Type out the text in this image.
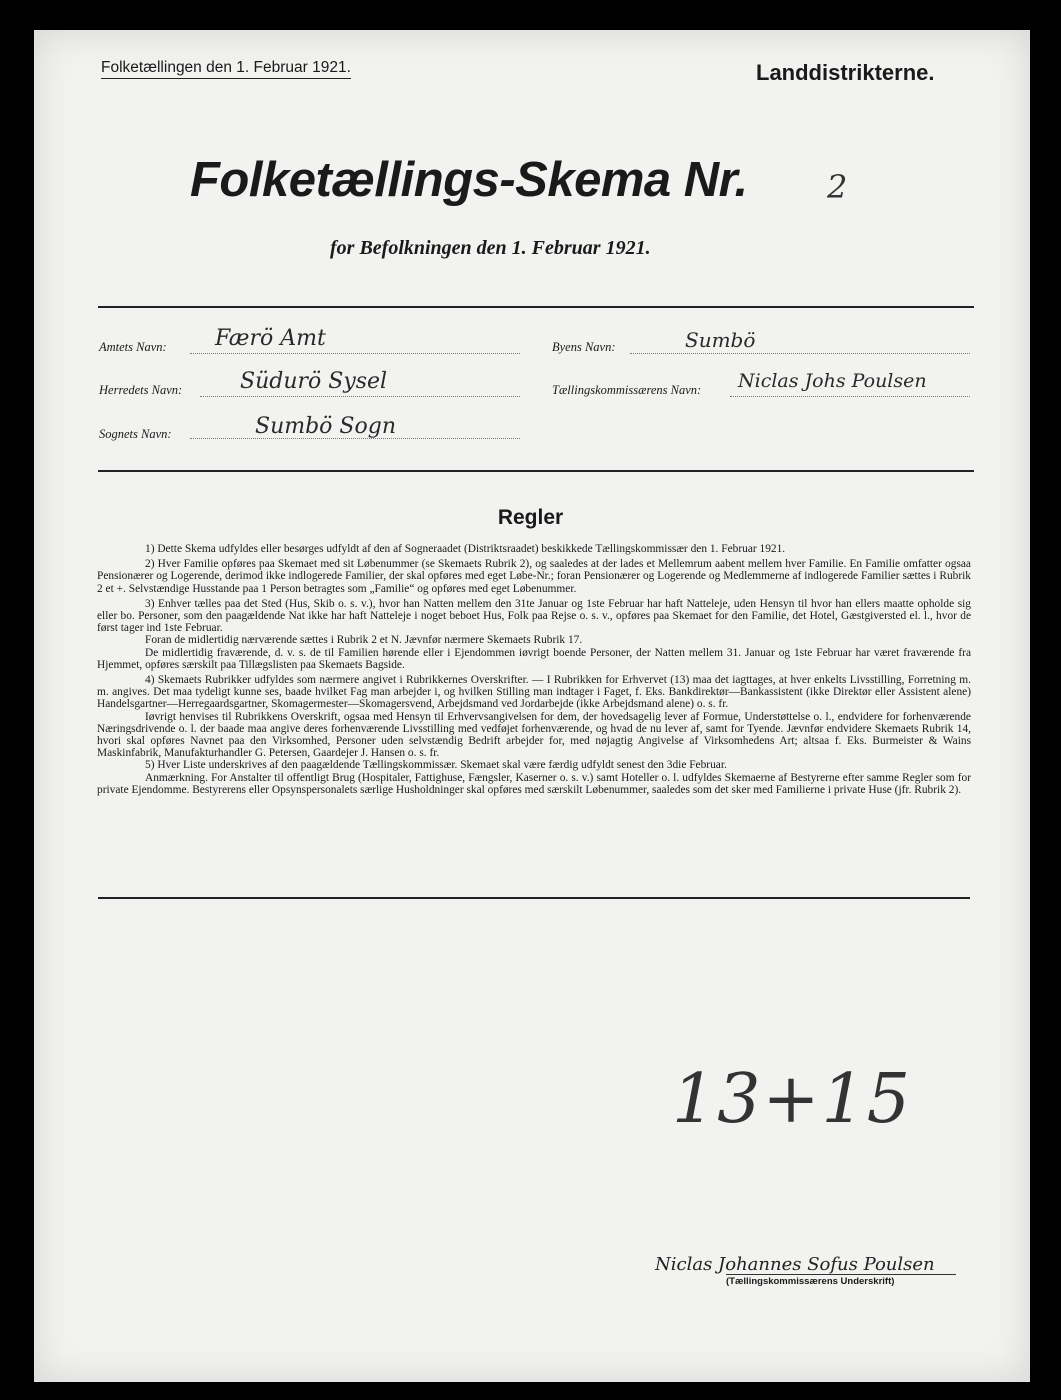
Folketællingen den 1. Februar 1921.	Landdistrikterne.
Folketællings-Skema Nr. 2
for Befolkningen den 1. Februar 1921.
Amtets Navn: Færö Amt
Herredets Navn:	Südurö Sysel
Sognets Navn:	Sumbö Sogn
Byens Navn:	Sumbö
Tællingskommissærens Navn: Niclas Johs Poulsen
Regler

1) Dette Skema udfyldes eller besørges udfyldt af den af Sogneraadet (Distriktsraadet) beskikkede Tællingskommissær den 1. Februar 1921.

2) Hver Familie opføres paa Skemaet med sit Løbenummer (se Skemaets Rubrik 2), og saaledes at der lades et Mellemrum aabent mellem hver Familie. En Familie omfatter ogsaa Pensionærer og Logerende, derimod ikke indlogerede Familier, der skal opføres med eget Løbe-Nr.; foran Pensionærer og Logerende og Medlemmerne af indlogerede Familier sættes i Rubrik 2 et +. Selvstændige Husstande paa 1 Person betragtes som „Familie“ og opføres med eget Løbenummer.

3) Enhver tælles paa det Sted (Hus, Skib o. s. v.), hvor han Natten mellem den 31te Januar og 1ste Februar har haft Natteleje, uden Hensyn til hvor han ellers maatte opholde sig eller bo. Personer, som den paagældende Nat ikke har haft Natteleje i noget beboet Hus, Folk paa Rejse o. s. v., opføres paa Skemaet for den Familie, det Hotel, Gæstgiversted el. l., hvor de først tager ind 1ste Februar.

Foran de midlertidig nærværende sættes i Rubrik 2 et N. Jævnfør nærmere Skemaets Rubrik 17.

De midlertidig fraværende, d. v. s. de til Familien hørende eller i Ejendommen iøvrigt boende Personer, der Natten mellem 31. Januar og 1ste Februar har været fraværende fra Hjemmet, opføres særskilt paa Tillægslisten paa Skemaets Bagside.

4) Skemaets Rubrikker udfyldes som nærmere angivet i Rubrikkernes Overskrifter. — I Rubrikken for Erhvervet (13) maa det iagttages, at hver enkelts Livsstilling, Forretning m. m. angives. Det maa tydeligt kunne ses, baade hvilket Fag man arbejder i, og hvilken Stilling man indtager i Faget, f. Eks. Bankdirektør—Bankassistent (ikke Direktør eller Assistent alene) Handelsgartner—Herregaardsgartner, Skomagermester—Skomagersvend, Arbejdsmand ved Jordarbejde (ikke Arbejdsmand alene) o. s. fr.

Iøvrigt henvises til Rubrikkens Overskrift, ogsaa med Hensyn til Erhvervsangivelsen for dem, der hovedsagelig lever af Formue, Understøttelse o. l., endvidere for forhenværende Næringsdrivende o. l. der baade maa angive deres forhenværende Livsstilling med vedføjet forhenværende, og hvad de nu lever af, samt for Tyende. Jævnfør endvidere Skemaets Rubrik 14, hvori skal opføres Navnet paa den Virksomhed, Personer uden selvstændig Bedrift arbejder for, med nøjagtig Angivelse af Virksomhedens Art; altsaa f. Eks. Burmeister & Wains Maskinfabrik, Manufakturhandler G. Petersen, Gaardejer J. Hansen o. s. fr.

5) Hver Liste underskrives af den paagældende Tællingskommissær. Skemaet skal være færdig udfyldt senest den 3die Februar.

Anmærkning. For Anstalter til offentligt Brug (Hospitaler, Fattighuse, Fængsler, Kaserner o. s. v.) samt Hoteller o. l. udfyldes Skemaerne af Bestyrerne efter samme Regler som for private Ejendomme. Bestyrerens eller Opsynspersonalets særlige Husholdninger skal opføres med særskilt Løbenummer, saaledes som det sker med Familierne i private Huse (jfr. Rubrik 2).

13+15
Niclas Johannes Sofus Poulsen
(Tællingskommissærens Underskrift)
